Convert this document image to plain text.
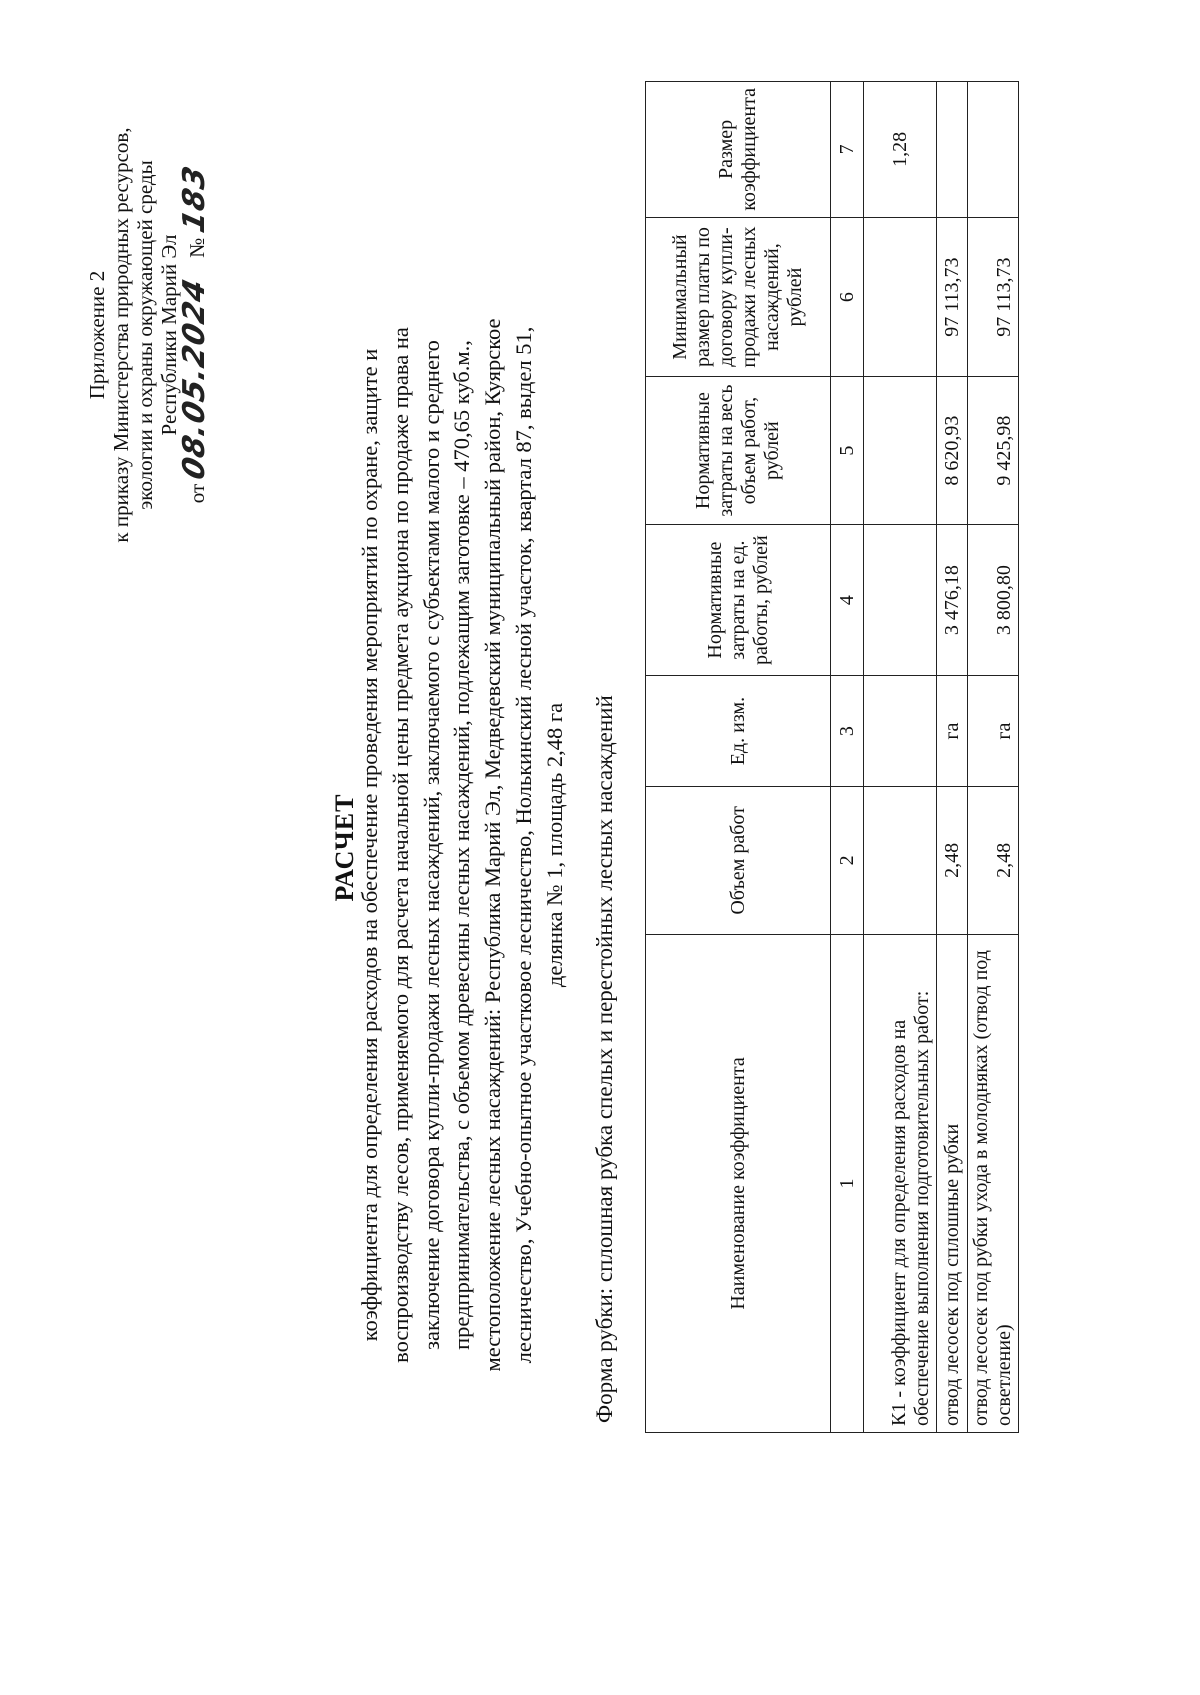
Приложение 2 к приказу Министерства природных ресурсов, экологии и охраны окружающей среды Республики Марий Эл
от 08.05.2024    № 183
РАСЧЕТ
коэффициента для определения расходов на обеспечение проведения мероприятий по охране, защите и воспроизводству лесов, применяемого для расчета начальной цены предмета аукциона по продаже права на заключение договора купли-продажи лесных насаждений, заключаемого с субъектами малого и среднего предпринимательства, с объемом древесины лесных насаждений, подлежащим заготовке – 470,65 куб.м., местоположение лесных насаждений: Республика Марий Эл, Медведевский муниципальный район, Куярское лесничество, Учебно-опытное участковое лесничество, Нолькинский лесной участок, квартал 87, выдел 51, делянка № 1, площадь 2,48 га Форма рубки: сплошная рубка спелых и перестойных лесных насаждений	Наименование коэффициента	Объем работ	Ед. изм.	Нормативные затраты на ед. работы, рублей	Нормативные затраты на весь объем работ, рублей	Минимальный размер платы по договору купли-продажи лесных насаждений, рублей	Размер коэффициента
1	2	3	4	5	6	7
К1 - коэффициент для определения расходов на обеспечение выполнения подготовительных работ:						1,28
отвод лесосек под сплошные рубки	2,48	га	3 476,18	8 620,93	97 113,73	
отвод лесосек под рубки ухода в молодняках (отвод под осветление)	2,48	га	3 800,80	9 425,98	97 113,73	
